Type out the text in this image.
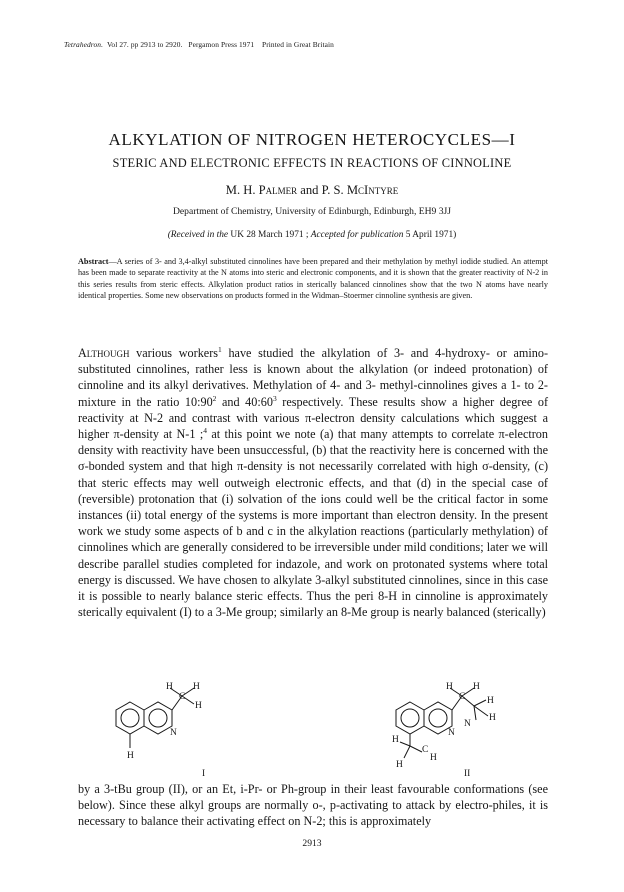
Tetrahedron. Vol 27. pp 2913 to 2920. Pergamon Press 1971 Printed in Great Britain
ALKYLATION OF NITROGEN HETEROCYCLES—I
STERIC AND ELECTRONIC EFFECTS IN REACTIONS OF CINNOLINE
M. H. Palmer and P. S. McIntyre
Department of Chemistry, University of Edinburgh, Edinburgh, EH9 3JJ
(Received in the UK 28 March 1971 ; Accepted for publication 5 April 1971)
Abstract—A series of 3- and 3,4-alkyl substituted cinnolines have been prepared and their methylation by methyl iodide studied. An attempt has been made to separate reactivity at the N atoms into steric and electronic components, and it is shown that the greater reactivity of N-2 in this series results from steric effects. Alkylation product ratios in sterically balanced cinnolines show that the two N atoms have nearly identical properties. Some new observations on products formed in the Widman–Stoermer cinnoline synthesis are given.

Although various workers$^1$ have studied the alkylation of 3- and 4-hydroxy- or amino- substituted cinnolines, rather less is known about the alkylation (or indeed protonation) of cinnoline and its alkyl derivatives. Methylation of 4- and 3- methyl-cinnolines gives a 1- to 2- mixture in the ratio $10:90^2$ and $40:60^3$ respectively. These results show a higher degree of reactivity at N-2 and contrast with various π-electron density calculations which suggest a higher π-density at N-1 ;$^4$ at this point we note (a) that many attempts to correlate π-electron density with reactivity have been unsuccessful, (b) that the reactivity here is concerned with the σ-bonded system and that high π-density is not necessarily correlated with high σ-density, (c) that steric effects may well outweigh electronic effects, and that (d) in the special case of (reversible) protonation that (i) solvation of the ions could well be the critical factor in some instances (ii) total energy of the systems is more important than electron density. In the present work we study some aspects of b and c in the alkylation reactions (particularly methylation) of cinnolines which are generally considered to be irreversible under mild conditions; later we will describe parallel studies completed for indazole, and work on protonated systems where total energy is discussed. We have chosen to alkylate 3-alkyl substituted cinnolines, since in this case it is possible to nearly balance steric effects. Thus the peri 8-H in cinnoline is approximately sterically equivalent (I) to a 3-Me group; similarly an 8-Me group is nearly balanced (sterically)

H
C
H
H
N
H
I
H
C
H
H
H
N
N
H
C
H
H
II
by a 3-tBu group (II), or an Et, i-Pr- or Ph-group in their least favourable conformations (see below). Since these alkyl groups are normally o-, p-activating to attack by electro-philes, it is necessary to balance their activating effect on N-2; this is approximately
2913
